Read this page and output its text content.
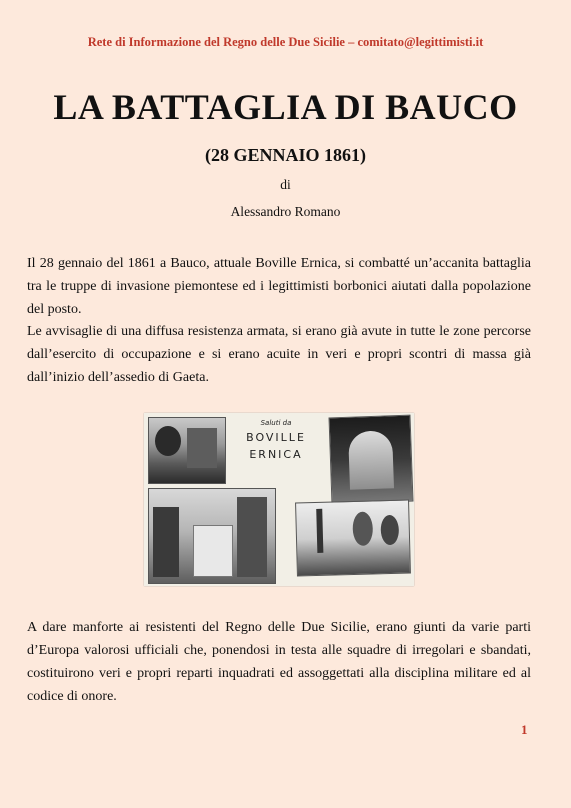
Rete di Informazione del Regno delle Due Sicilie – comitato@legittimisti.it
LA BATTAGLIA DI BAUCO
(28 GENNAIO 1861)
di
Alessandro Romano

Il 28 gennaio del 1861 a Bauco, attuale Boville Ernica, si combatté un’accanita battaglia tra le truppe di invasione piemontese ed i legittimisti borbonici aiutati dalla popolazione del posto.

Le avvisaglie di una diffusa resistenza armata, si erano già avute in tutte le zone percorse dall’esercito di occupazione e si erano acuite in veri e propri scontri di massa già dall’inizio dell’assedio di Gaeta.

Saluti da
BOVILLE
ERNICA

A dare manforte ai resistenti del Regno delle Due Sicilie, erano giunti da varie parti d’Europa valorosi ufficiali che, ponendosi in testa alle squadre di irregolari e sbandati, costituirono veri e propri reparti inquadrati ed assoggettati alla disciplina militare ed al codice di onore.

1
